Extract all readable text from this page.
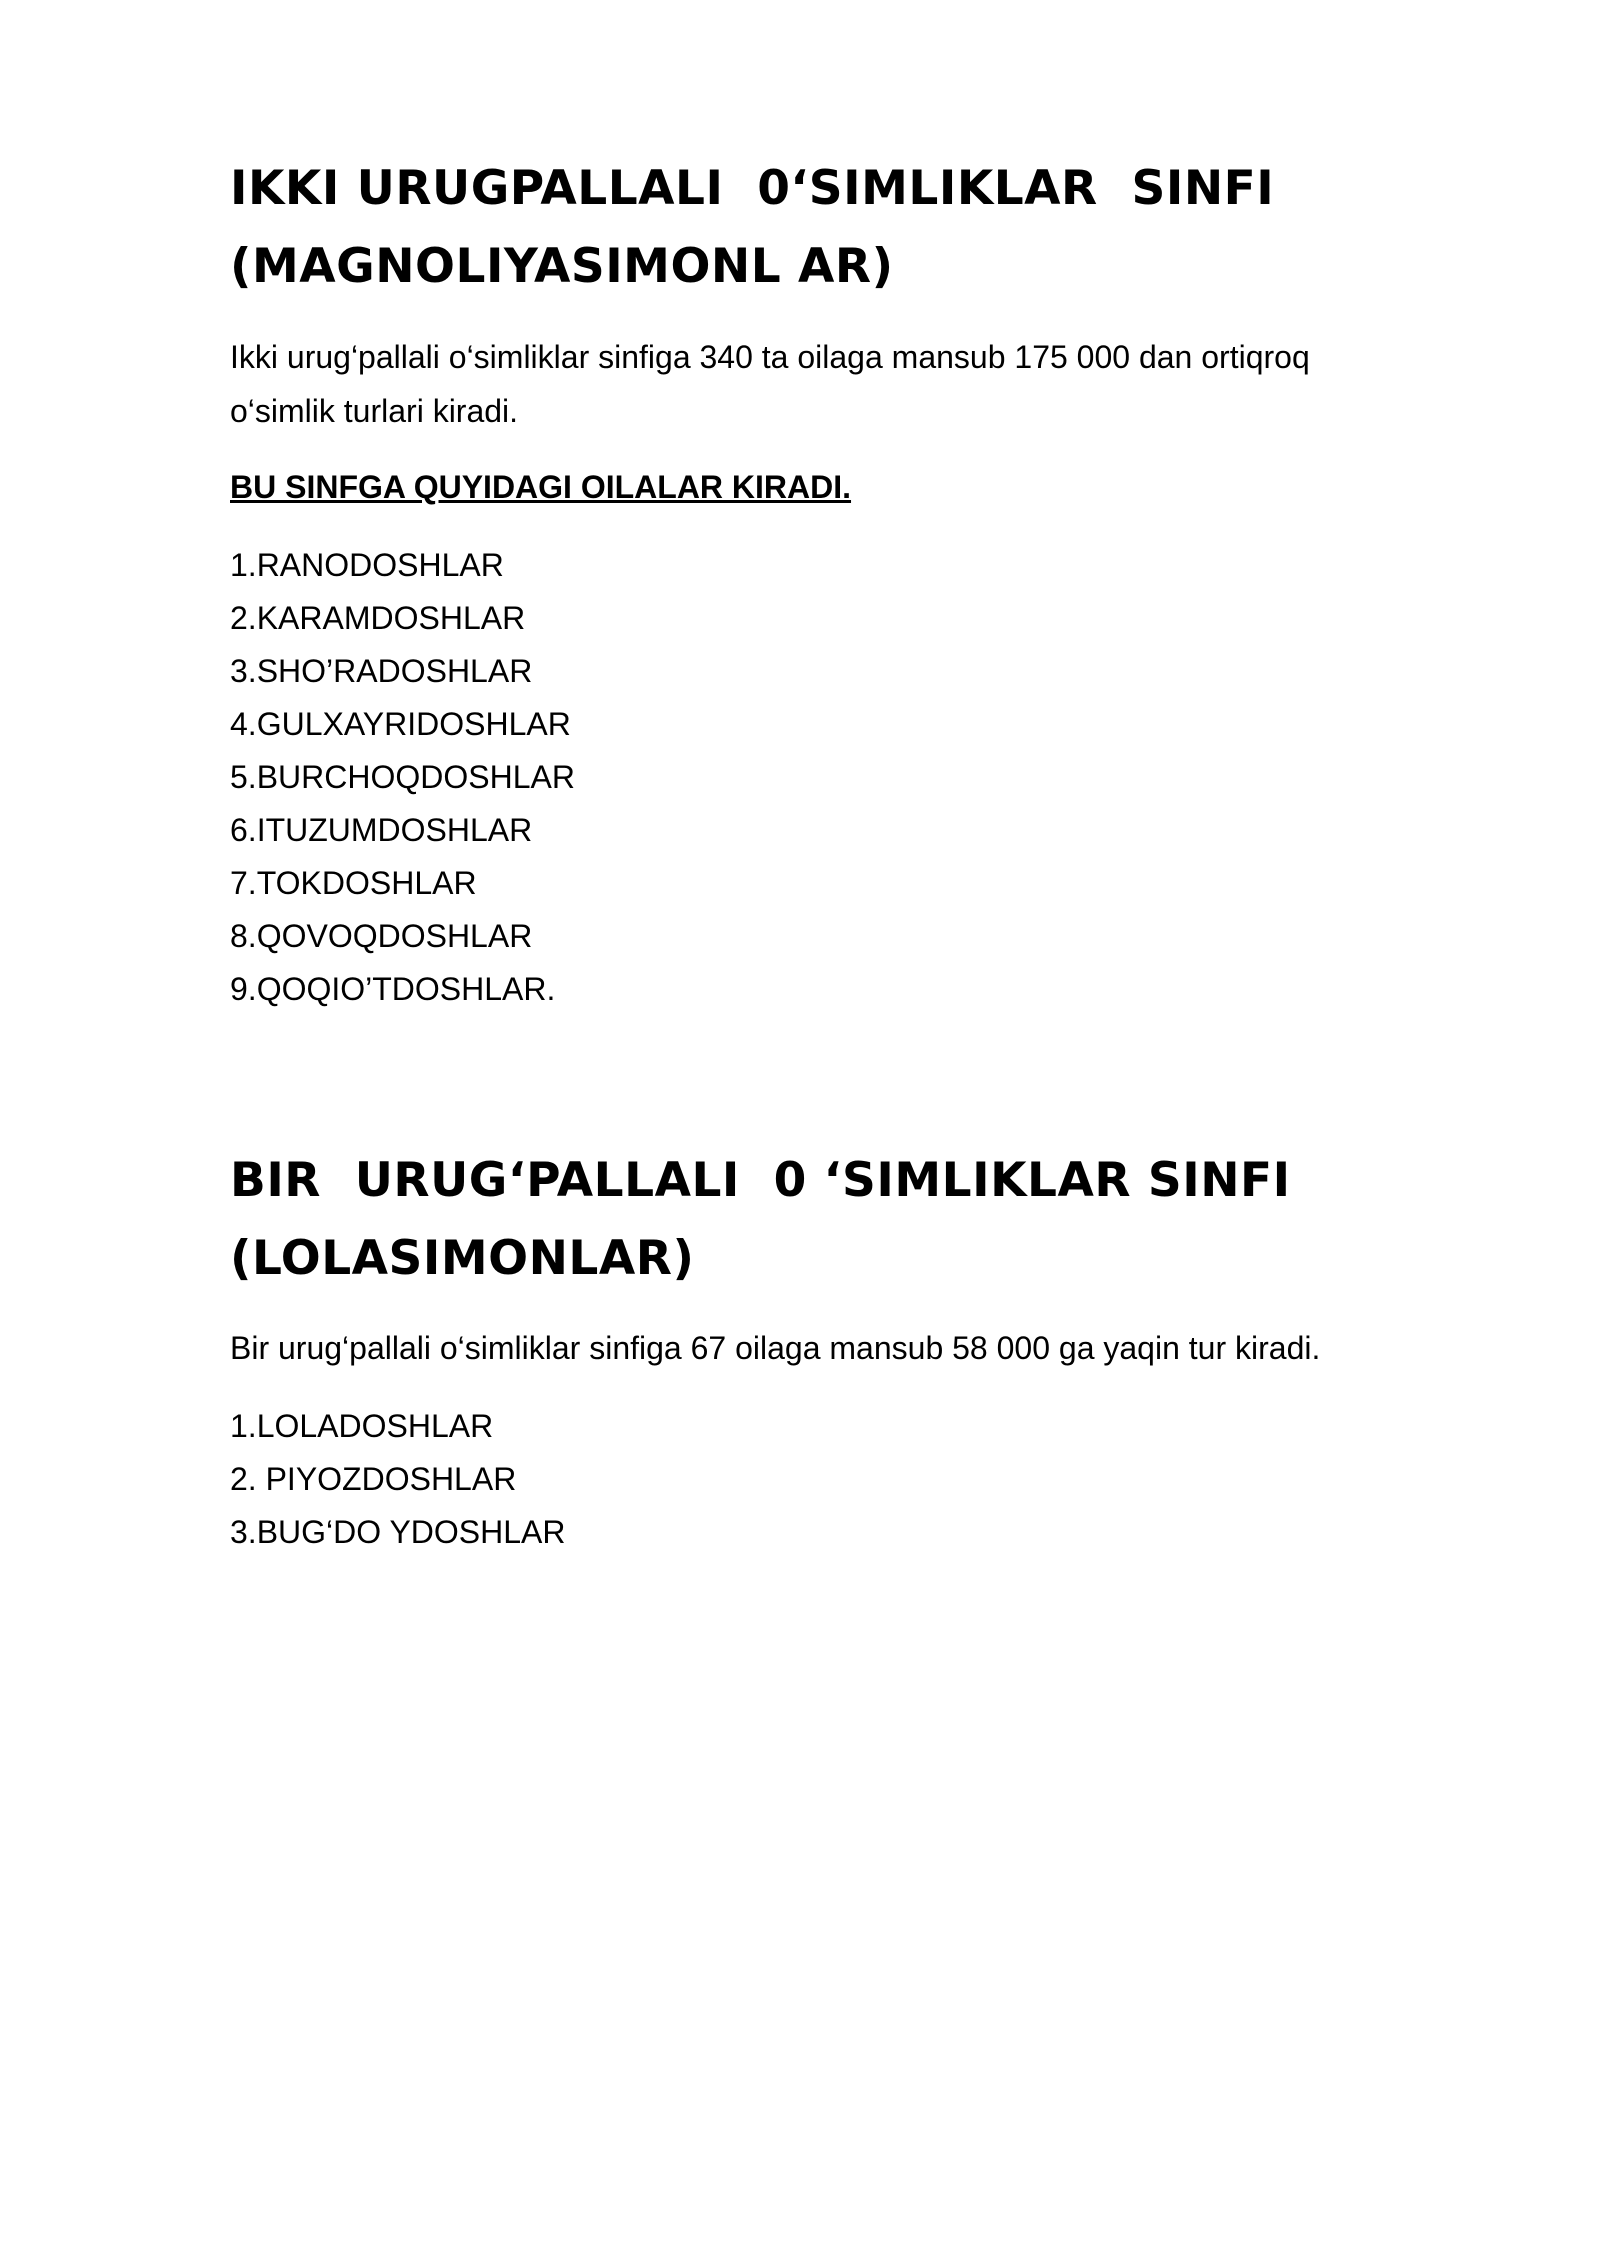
IKKI URUGPALLALI  0‘SIMLIKLAR  SINFI

(MAGNOLIYASIMONL AR)

Ikki urug‘pallali o‘simliklar sinfiga 340 ta oilaga mansub 175 000 dan ortiqroq

o‘simlik turlari kiradi.

BU SINFGA QUYIDAGI OILALAR KIRADI.

1.RANODOSHLAR
2.KARAMDOSHLAR
3.SHO’RADOSHLAR
4.GULXAYRIDOSHLAR
5.BURCHOQDOSHLAR
6.ITUZUMDOSHLAR
7.TOKDOSHLAR
8.QOVOQDOSHLAR
9.QOQIO’TDOSHLAR.

BIR  URUG‘PALLALI  0 ‘SIMLIKLAR SINFI

(LOLASIMONLAR)

Bir urug‘pallali o‘simliklar sinfiga 67 oilaga mansub 58 000 ga yaqin tur kiradi.

1.LOLADOSHLAR
2. PIYOZDOSHLAR
3.BUG‘DO YDOSHLAR
